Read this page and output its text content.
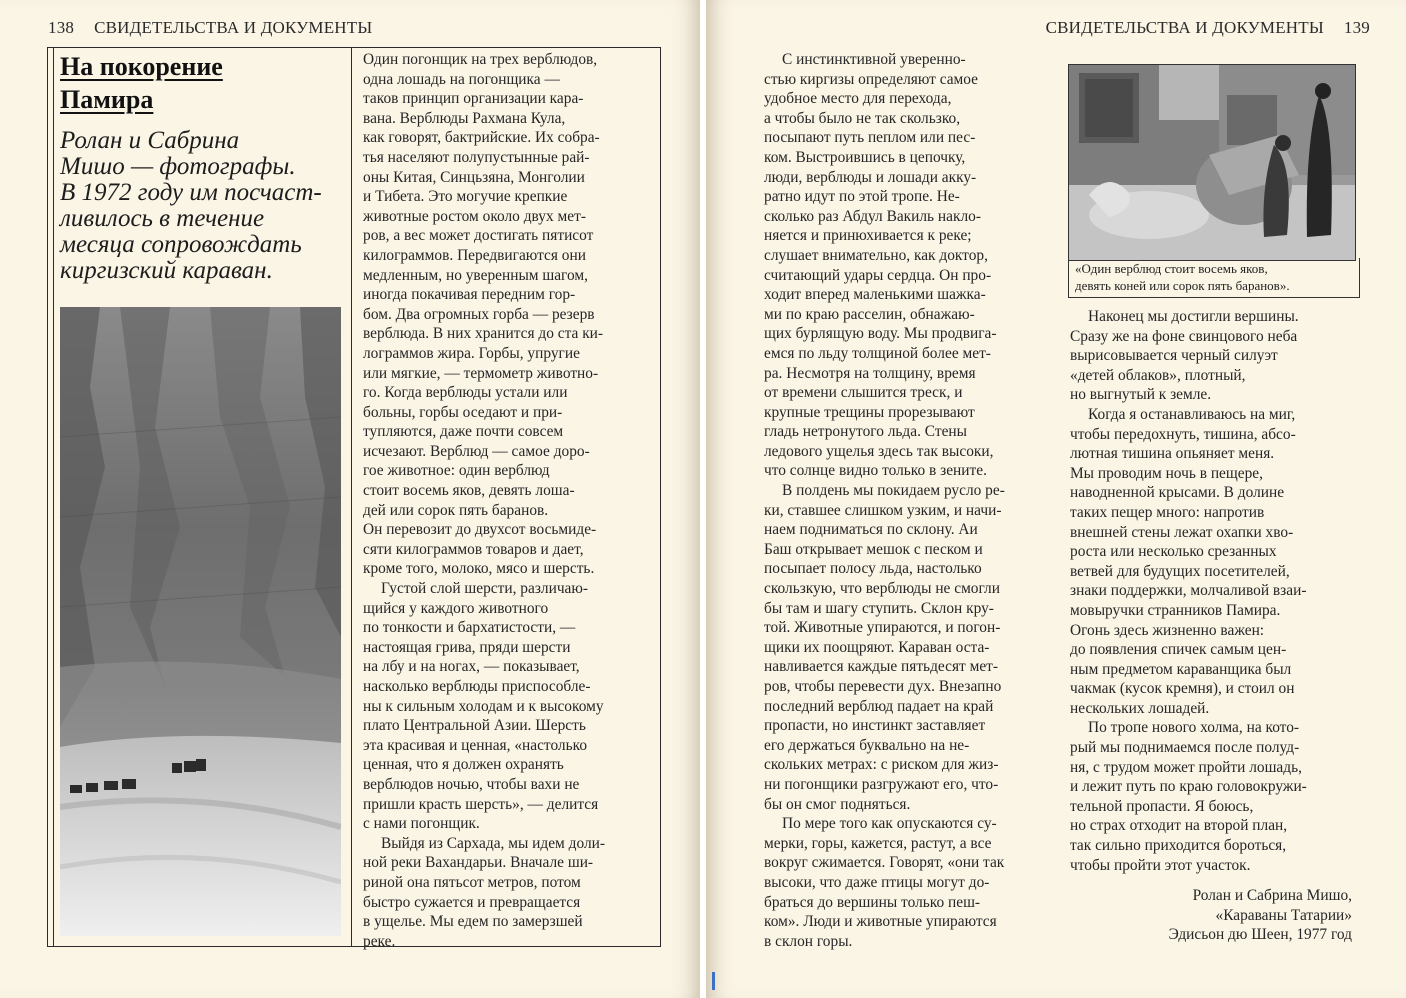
138 СВИДЕТЕЛЬСТВА И ДОКУМЕНТЫ	СВИДЕТЕЛЬСТВА И ДОКУМЕНТЫ 139
На покорение
Памира
Ролан и Сабрина
Мишо — фотографы.
В 1972 году им посчаст-
ливилось в течение
месяца сопровождать
киргизский караван.	«Один верблюд стоит восемь яков,
девять коней или сорок пять баранов».
Один погонщик на трех верблюдов,
одна лошадь на погонщика —
таков принцип организации кара-
вана. Верблюды Рахмана Кула,
как говорят, бактрийские. Их собра-
тья населяют полупустынные рай-
оны Китая, Синцьзяна, Монголии
и Тибета. Это могучие крепкие
животные ростом около двух мет-
ров, а вес может достигать пятисот
килограммов. Передвигаются они
медленным, но уверенным шагом,
иногда покачивая передним гор-
бом. Два огромных горба — резерв
верблюда. В них хранится до ста ки-
лограммов жира. Горбы, упругие
или мягкие, — термометр животно-
го. Когда верблюды устали или
больны, горбы оседают и при-
тупляются, даже почти совсем
исчезают. Верблюд — самое доро-
гое животное: один верблюд
стоит восемь яков, девять лоша-
дей или сорок пять баранов.
Он перевозит до двухсот восьмиде-
сяти килограммов товаров и дает,
кроме того, молоко, мясо и шерсть.
Густой слой шерсти, различаю-
щийся у каждого животного
по тонкости и бархатистости, —
настоящая грива, пряди шерсти
на лбу и на ногах, — показывает,
насколько верблюды приспособле-
ны к сильным холодам и к высокому
плато Центральной Азии. Шерсть
эта красивая и ценная, «настолько
ценная, что я должен охранять
верблюдов ночью, чтобы вахи не
пришли красть шерсть», — делится
с нами погонщик.
Выйдя из Сархада, мы идем доли-
ной реки Вахандарьи. Вначале ши-
риной она пятьсот метров, потом
быстро сужается и превращается
в ущелье. Мы едем по замерзшей
реке.
С инстинктивной уверенно-
стью киргизы определяют самое
удобное место для перехода,
а чтобы было не так скользко,
посыпают путь пеплом или пес-
ком. Выстроившись в цепочку,
люди, верблюды и лошади акку-
ратно идут по этой тропе. Не-
сколько раз Абдул Вакиль накло-
няется и принюхивается к реке;
слушает внимательно, как доктор,
считающий удары сердца. Он про-
ходит вперед маленькими шажка-
ми по краю расселин, обнажаю-
щих бурлящую воду. Мы продвига-
емся по льду толщиной более мет-
ра. Несмотря на толщину, время
от времени слышится треск, и
крупные трещины прорезывают
гладь нетронутого льда. Стены
ледового ущелья здесь так высоки,
что солнце видно только в зените.
В полдень мы покидаем русло ре-
ки, ставшее слишком узким, и начи-
наем подниматься по склону. Аи
Баш открывает мешок с песком и
посыпает полосу льда, настолько
скользкую, что верблюды не смогли
бы там и шагу ступить. Склон кру-
той. Животные упираются, и погон-
щики их поощряют. Караван оста-
навливается каждые пятьдесят мет-
ров, чтобы перевести дух. Внезапно
последний верблюд падает на край
пропасти, но инстинкт заставляет
его держаться буквально на не-
скольких метрах: с риском для жиз-
ни погонщики разгружают его, что-
бы он смог подняться.
По мере того как опускаются су-
мерки, горы, кажется, растут, а все
вокруг сжимается. Говорят, «они так
высоки, что даже птицы могут до-
браться до вершины только пеш-
ком». Люди и животные упираются
в склон горы.
Наконец мы достигли вершины.
Сразу же на фоне свинцового неба
вырисовывается черный силуэт
«детей облаков», плотный,
но выгнутый к земле.
Когда я останавливаюсь на миг,
чтобы передохнуть, тишина, абсо-
лютная тишина опьяняет меня.
Мы проводим ночь в пещере,
наводненной крысами. В долине
таких пещер много: напротив
внешней стены лежат охапки хво-
роста или несколько срезанных
ветвей для будущих посетителей,
знаки поддержки, молчаливой взаи-
мовыручки странников Памира.
Огонь здесь жизненно важен:
до появления спичек самым цен-
ным предметом караванщика был
чакмак (кусок кремня), и стоил он
нескольких лошадей.
По тропе нового холма, на кото-
рый мы поднимаемся после полуд-
ня, с трудом может пройти лошадь,
и лежит путь по краю головокружи-
тельной пропасти. Я боюсь,
но страх отходит на второй план,
так сильно приходится бороться,
чтобы пройти этот участок.
Ролан и Сабрина Мишо,
«Караваны Татарии»
Эдисьон дю Шеен, 1977 год
